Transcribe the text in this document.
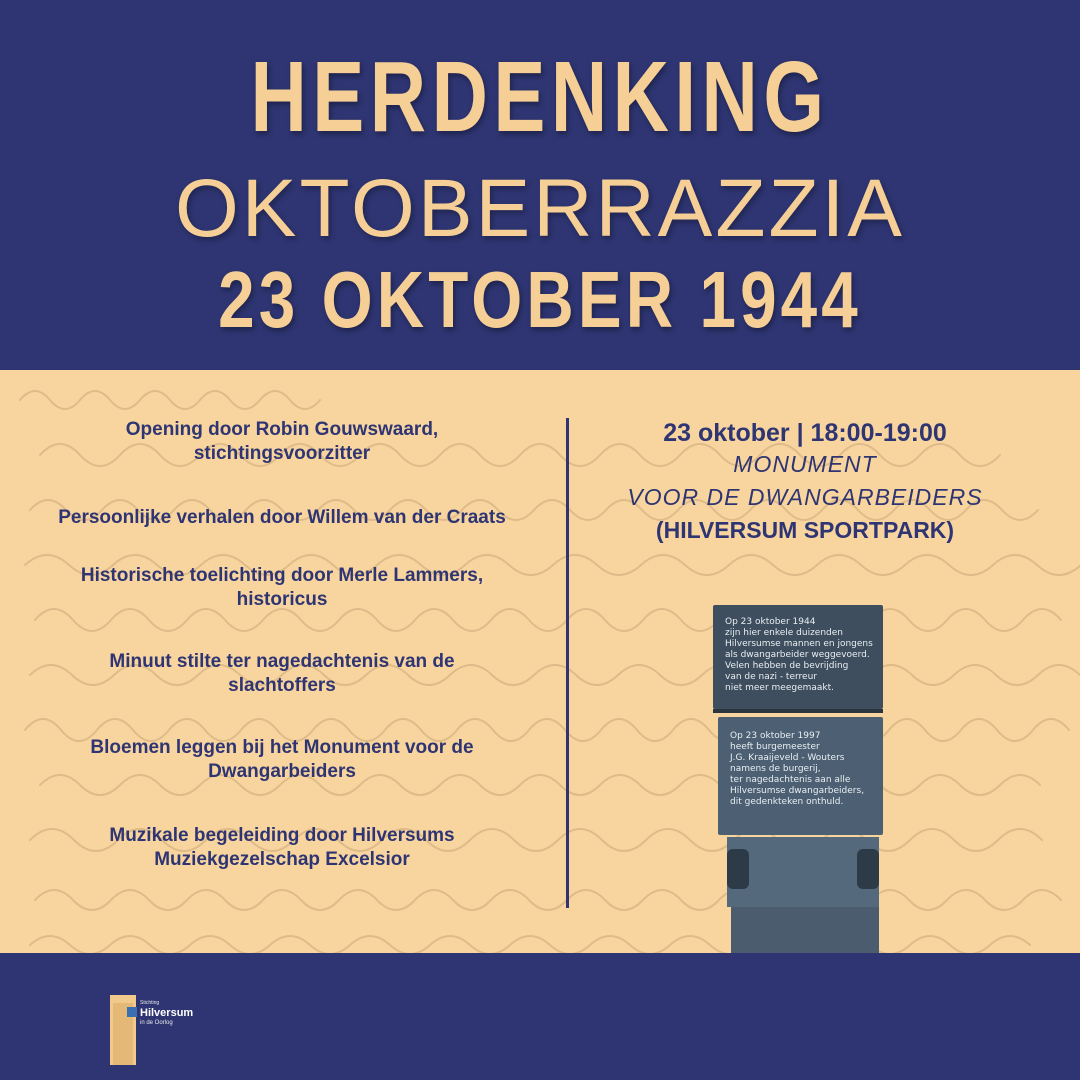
HERDENKING
OKTOBERRAZZIA
23 OKTOBER 1944

Opening door Robin Gouwswaard,

stichtingsvoorzitter

Persoonlijke verhalen door Willem van der Craats

Historische toelichting door Merle Lammers,

historicus

Minuut stilte ter nagedachtenis van de

slachtoffers

Bloemen leggen bij het Monument voor de

Dwangarbeiders

Muzikale begeleiding door Hilversums

Muziekgezelschap Excelsior

23 oktober | 18:00-19:00

MONUMENT

VOOR DE DWANGARBEIDERS

(HILVERSUM SPORTPARK)

Op 23 oktober 1944
zijn hier enkele duizenden
Hilversumse mannen en jongens
als dwangarbeider weggevoerd.
Velen hebben de bevrijding
van de nazi - terreur
niet meer meegemaakt.
Op 23 oktober 1997
heeft burgemeester
J.G. Kraaijeveld - Wouters
namens de burgerij,
ter nagedachtenis aan alle
Hilversumse dwangarbeiders,
dit gedenkteken onthuld.

Stichting

Hilversum

in de Oorlog
